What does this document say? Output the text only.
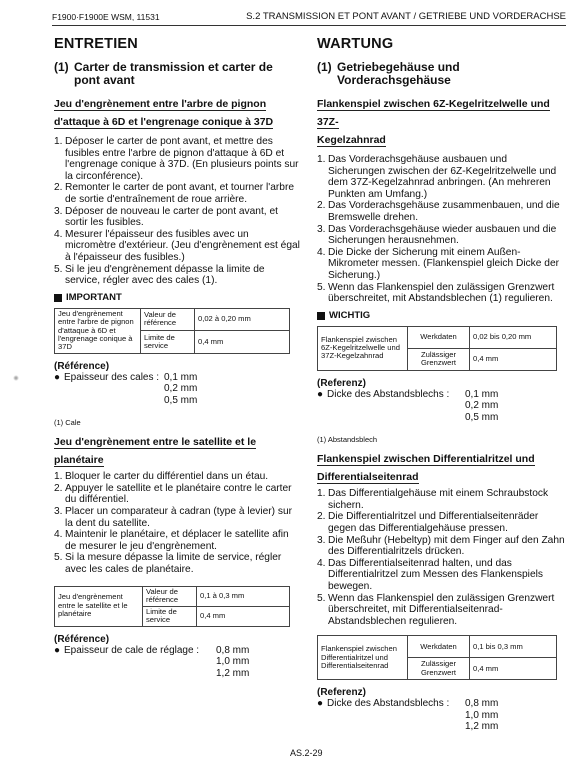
F1900·F1900E WSM, 11531	S.2 TRANSMISSION ET PONT AVANT / GETRIEBE UND VORDERACHSE
ENTRETIEN
(1) Carter de transmission et carter de pont avant
Jeu d'engrènement entre l'arbre de pignon
d'attaque à 6D et l'engrenage conique à 37D
1. Déposer le carter de pont avant, et mettre des fusibles entre l'arbre de pignon d'attaque à 6D et l'engrenage conique à 37D. (En plusieurs points sur la circonférence).
2. Remonter le carter de pont avant, et tourner l'arbre de sortie d'entraînement de roue arrière.
3. Déposer de nouveau le carter de pont avant, et sortir les fusibles.
4. Mesurer l'épaisseur des fusibles avec un micromètre d'extérieur. (Jeu d'engrènement est égal à l'épaisseur des fusibles.)
5. Si le jeu d'engrènement dépasse la limite de service, régler avec des cales (1).
IMPORTANT
Jeu d'engrènement entre l'arbre de pignon d'attaque à 6D et l'engrenage conique à 37D	Valeur de référence	0,02 à 0,20 mm
	Limite de service	0,4 mm
(Référence)
● Epaisseur des cales : 0,1 mm
0,2 mm
0,5 mm
(1) Cale
Jeu d'engrènement entre le satellite et le planétaire
1. Bloquer le carter du différentiel dans un étau.
2. Appuyer le satellite et le planétaire contre le carter du différentiel.
3. Placer un comparateur à cadran (type à levier) sur la dent du satellite.
4. Maintenir le planétaire, et déplacer le satellite afin de mesurer le jeu d'engrènement.
5. Si la mesure dépasse la limite de service, régler avec les cales de planétaire.
Jeu d'engrènement entre le satellite et le planétaire	Valeur de référence	0,1 à 0,3 mm
	Limite de service	0,4 mm
(Référence)
● Epaisseur de cale de réglage :	0,8 mm
1,0 mm
1,2 mm
WARTUNG
(1) Getriebegehäuse und Vorderachsgehäuse
Flankenspiel zwischen 6Z-Kegelritzelwelle und 37Z-
Kegelzahnrad
1. Das Vorderachsgehäuse ausbauen und Sicherungen zwischen der 6Z-Kegelritzelwelle und dem 37Z-Kegelzahnrad anbringen. (An mehreren Punkten am Umfang.)
2. Das Vorderachsgehäuse zusammenbauen, und die Bremswelle drehen.
3. Das Vorderachsgehäuse wieder ausbauen und die Sicherungen herausnehmen.
4. Die Dicke der Sicherung mit einem Außen-Mikrometer messen. (Flankenspiel gleich Dicke der Sicherung.)
5. Wenn das Flankenspiel den zulässigen Grenzwert überschreitet, mit Abstandsblechen (1) regulieren.
WICHTIG
Flankenspiel zwischen 6Z-Kegelritzelwelle und 37Z-Kegelzahnrad	Werkdaten	0,02 bis 0,20 mm
	Zulässiger Grenzwert	0,4 mm
(Referenz)
● Dicke des Abstandsblechs :	0,1 mm
0,2 mm
0,5 mm
(1) Abstandsblech
Flankenspiel zwischen Differentialritzel und
Differentialseitenrad
1. Das Differentialgehäuse mit einem Schraubstock sichern.
2. Die Differentialritzel und Differentialseitenräder gegen das Differentialgehäuse pressen.
3. Die Meßuhr (Hebeltyp) mit dem Finger auf den Zahn des Differentialritzels drücken.
4. Das Differentialseitenrad halten, und das Differentialritzel zum Messen des Flankenspiels bewegen.
5. Wenn das Flankenspiel den zulässigen Grenzwert überschreitet, mit Differentialseitenrad-Abstandsblechen regulieren.
Flankenspiel zwischen Differentialritzel und Differentialseitenrad	Werkdaten	0,1 bis 0,3 mm
	Zulässiger Grenzwert	0,4 mm
(Referenz)
● Dicke des Abstandsblechs :	0,8 mm
1,0 mm
1,2 mm
AS.2-29
